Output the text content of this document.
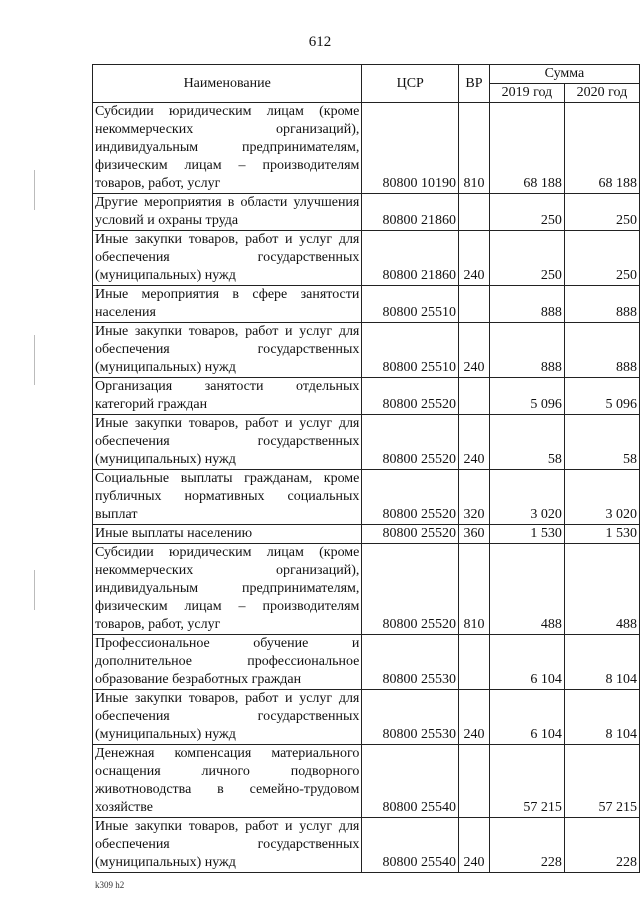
612
Наименование	ЦСР	ВР	Сумма	
			2019 год	2020 год
Субсидии юридическим лицам (кроме некоммерческих организаций), индивидуальным предпринимателям, физическим лицам – производителям товаров, работ, услуг	80800 10190	810	68 188	68 188
Другие мероприятия в области улучшения условий и охраны труда	80800 21860		250	250
Иные закупки товаров, работ и услуг для обеспечения государственных (муниципальных) нужд	80800 21860	240	250	250
Иные мероприятия в сфере занятости населения	80800 25510		888	888
Иные закупки товаров, работ и услуг для обеспечения государственных (муниципальных) нужд	80800 25510	240	888	888
Организация занятости отдельных категорий граждан	80800 25520		5 096	5 096
Иные закупки товаров, работ и услуг для обеспечения государственных (муниципальных) нужд	80800 25520	240	58	58
Социальные выплаты гражданам, кроме публичных нормативных социальных выплат	80800 25520	320	3 020	3 020
Иные выплаты населению	80800 25520	360	1 530	1 530
Субсидии юридическим лицам (кроме некоммерческих организаций), индивидуальным предпринимателям, физическим лицам – производителям товаров, работ, услуг	80800 25520	810	488	488
Профессиональное обучение и дополнительное профессиональное образование безработных граждан	80800 25530		6 104	8 104
Иные закупки товаров, работ и услуг для обеспечения государственных (муниципальных) нужд	80800 25530	240	6 104	8 104
Денежная компенсация материального оснащения личного подворного животноводства в семейно-трудовом хозяйстве	80800 25540		57 215	57 215
Иные закупки товаров, работ и услуг для обеспечения государственных (муниципальных) нужд	80800 25540	240	228	228
k309 h2
